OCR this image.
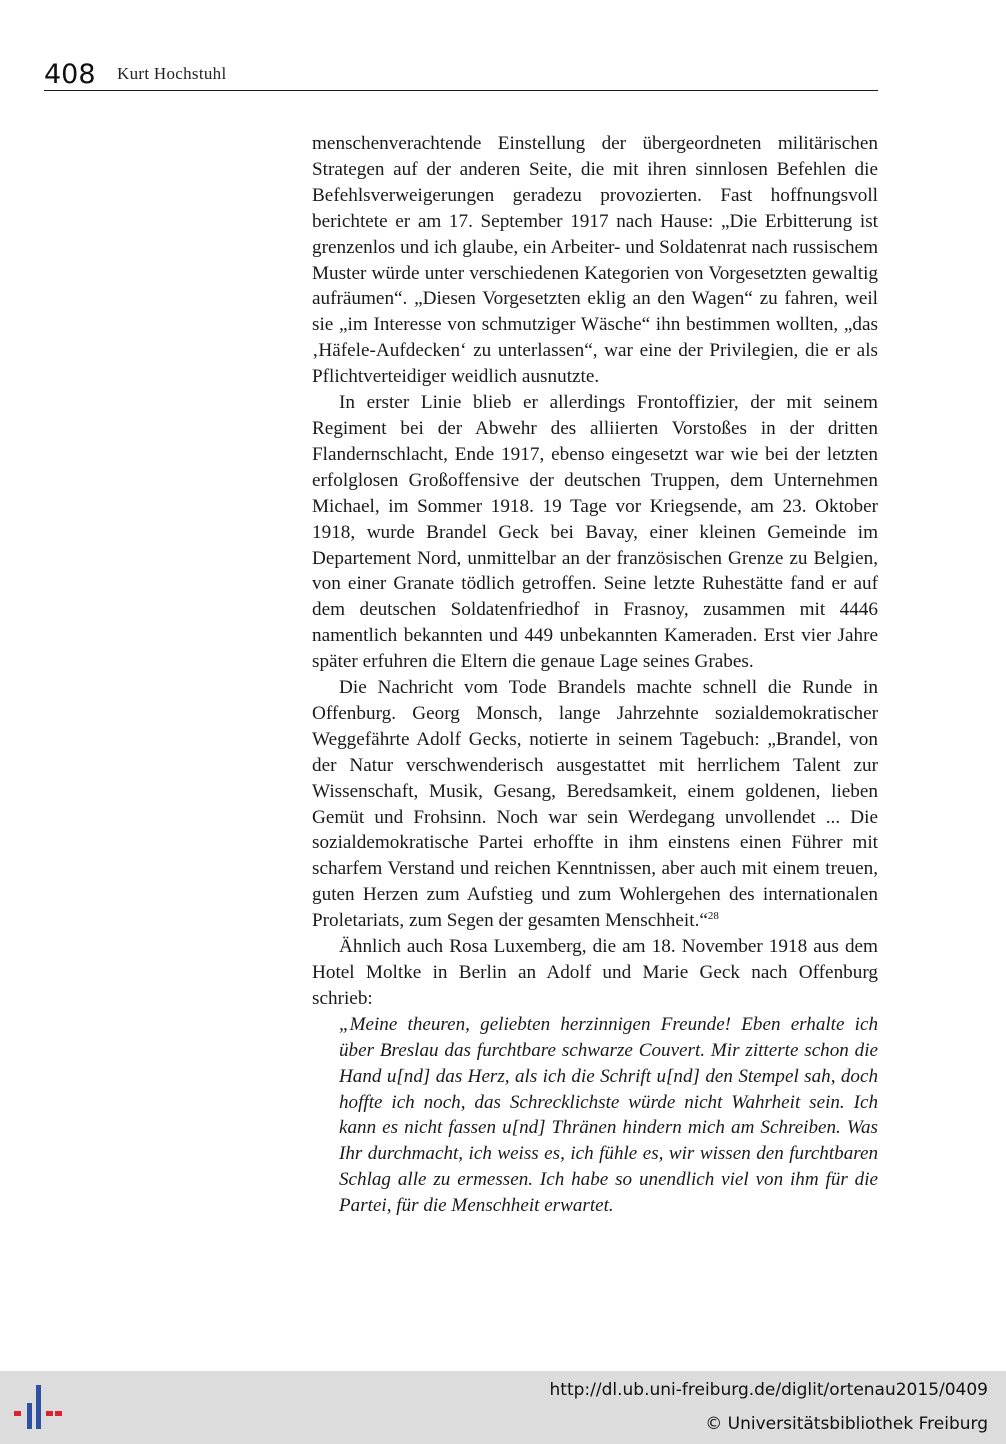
408 Kurt Hochstuhl

menschenverachtende Einstellung der übergeordneten militärischen Strategen auf der anderen Seite, die mit ihren sinnlosen Befehlen die Befehlsverweigerungen geradezu provozierten. Fast hoffnungsvoll berichtete er am 17. September 1917 nach Hause: „Die Erbitterung ist grenzenlos und ich glaube, ein Arbeiter- und Soldatenrat nach russischem Muster würde unter verschiedenen Kategorien von Vorgesetzten gewaltig aufräumen“. „Diesen Vorgesetzten eklig an den Wagen“ zu fahren, weil sie „im Interesse von schmutziger Wäsche“ ihn bestimmen wollten, „das ‚Häfele-Aufdecken‘ zu unterlassen“, war eine der Privilegien, die er als Pflichtverteidiger weidlich ausnutzte.

In erster Linie blieb er allerdings Frontoffizier, der mit seinem Regiment bei der Abwehr des alliierten Vorstoßes in der dritten Flandernschlacht, Ende 1917, ebenso eingesetzt war wie bei der letzten erfolglosen Großoffensive der deutschen Truppen, dem Unternehmen Michael, im Sommer 1918. 19 Tage vor Kriegsende, am 23. Oktober 1918, wurde Brandel Geck bei Bavay, einer kleinen Gemeinde im Departement Nord, unmittelbar an der französischen Grenze zu Belgien, von einer Granate tödlich getroffen. Seine letzte Ruhestätte fand er auf dem deutschen Soldatenfriedhof in Frasnoy, zusammen mit 4446 namentlich bekannten und 449 unbekannten Kameraden. Erst vier Jahre später erfuhren die Eltern die genaue Lage seines Grabes.

Die Nachricht vom Tode Brandels machte schnell die Runde in Offenburg. Georg Monsch, lange Jahrzehnte sozialdemokratischer Weggefährte Adolf Gecks, notierte in seinem Tagebuch: „Brandel, von der Natur verschwenderisch ausgestattet mit herrlichem Talent zur Wissenschaft, Musik, Gesang, Beredsamkeit, einem goldenen, lieben Gemüt und Frohsinn. Noch war sein Werdegang unvollendet ... Die sozialdemokratische Partei erhoffte in ihm einstens einen Führer mit scharfem Verstand und reichen Kenntnissen, aber auch mit einem treuen, guten Herzen zum Aufstieg und zum Wohlergehen des internationalen Proletariats, zum Segen der gesamten Menschheit.“$^{28}$

Ähnlich auch Rosa Luxemberg, die am 18. November 1918 aus dem Hotel Moltke in Berlin an Adolf und Marie Geck nach Offenburg schrieb:

„Meine theuren, geliebten herzinnigen Freunde! Eben erhalte ich über Breslau das furchtbare schwarze Couvert. Mir zitterte schon die Hand u[nd] das Herz, als ich die Schrift u[nd] den Stempel sah, doch hoffte ich noch, das Schrecklichste würde nicht Wahrheit sein. Ich kann es nicht fassen u[nd] Thränen hindern mich am Schreiben. Was Ihr durchmacht, ich weiss es, ich fühle es, wir wissen den furchtbaren Schlag alle zu ermessen. Ich habe so unendlich viel von ihm für die Partei, für die Menschheit erwartet.

http://dl.ub.uni-freiburg.de/diglit/ortenau2015/0409
© Universitätsbibliothek Freiburg
